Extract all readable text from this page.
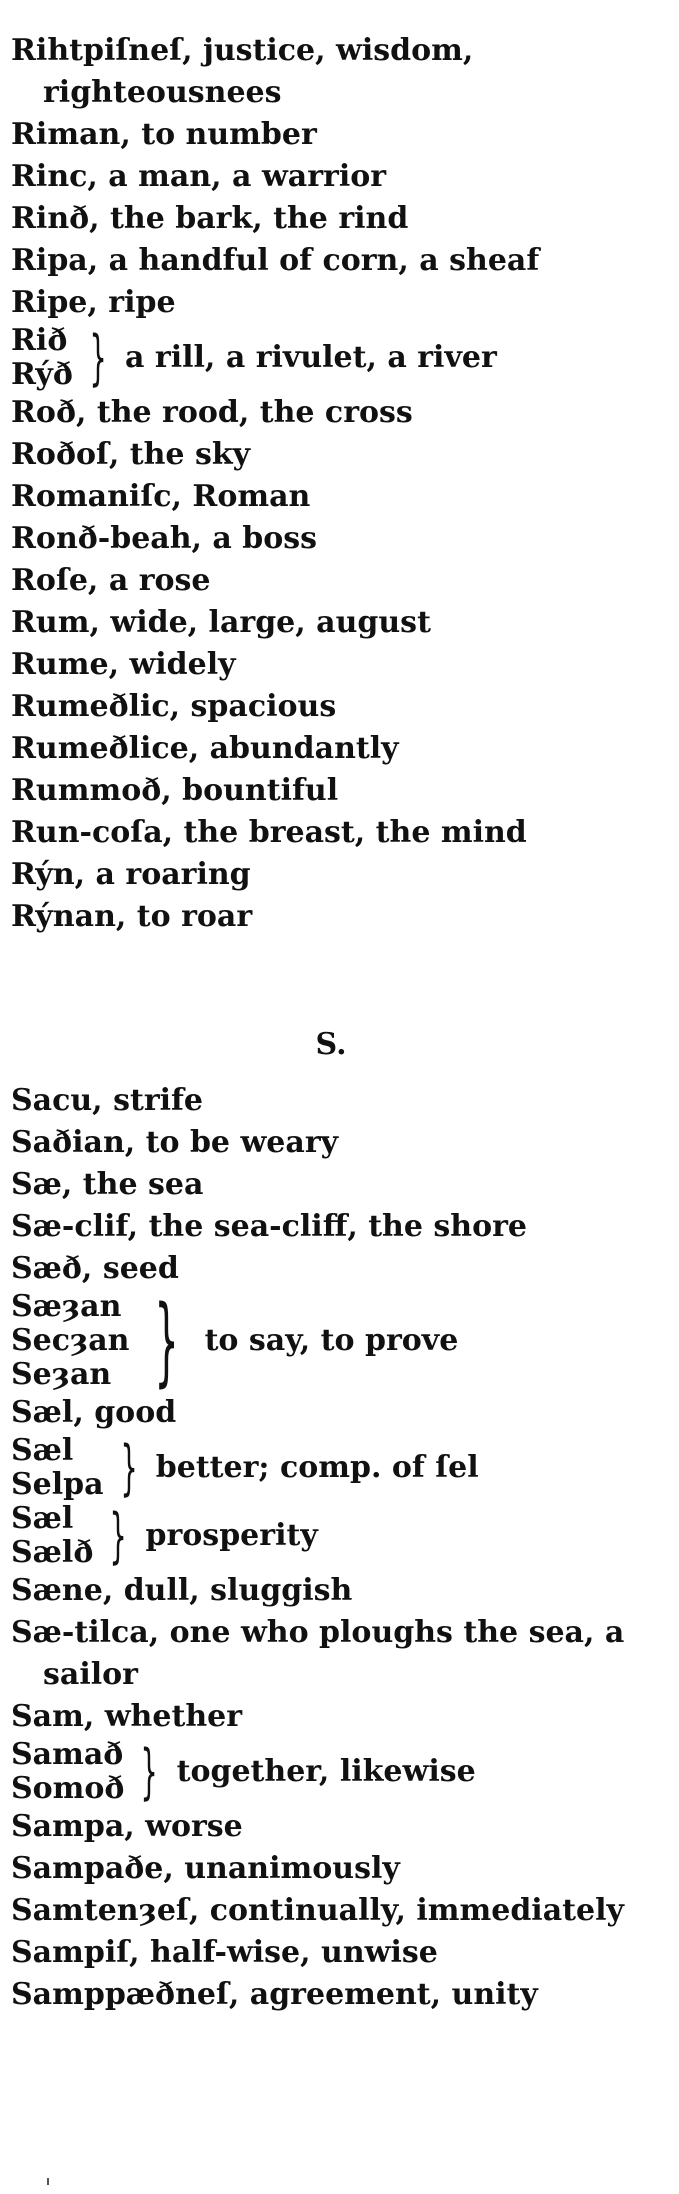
Rihtpiſneſ, justice, wisdom, righteousnees
Riman, to number
Rinc, a man, a warrior
Rinð, the bark, the rind
Ripa, a handful of corn, a sheaf
Ripe, ripe
Rið
Rýð } a rill, a rivulet, a river
Roð, the rood, the cross
Roðoſ, the sky
Romaniſc, Roman
Ronð-beah, a boss
Roſe, a rose
Rum, wide, large, august
Rume, widely
Rumeðlic, spacious
Rumeðlice, abundantly
Rummoð, bountiful
Run-coſa, the breast, the mind
Rýn, a roaring
Rýnan, to roar
S.
Sacu, strife
Saðian, to be weary
Sæ, the sea
Sæ-clif, the sea-cliff, the shore
Sæð, seed
Sæȝan
Secȝan
Seȝan } to say, to prove
Sæl, good
Sæl
Selpa } better; comp. of ſel
Sæl
Sælð } prosperity
Sæne, dull, sluggish
Sæ-tilca, one who ploughs the sea, a sailor
Sam, whether
Samað
Somoð } together, likewise
Sampa, worse
Sampaðe, unanimously
Samtenȝeſ, continually, immediately
Sampiſ, half-wise, unwise
Samppæðneſ, agreement, unity
